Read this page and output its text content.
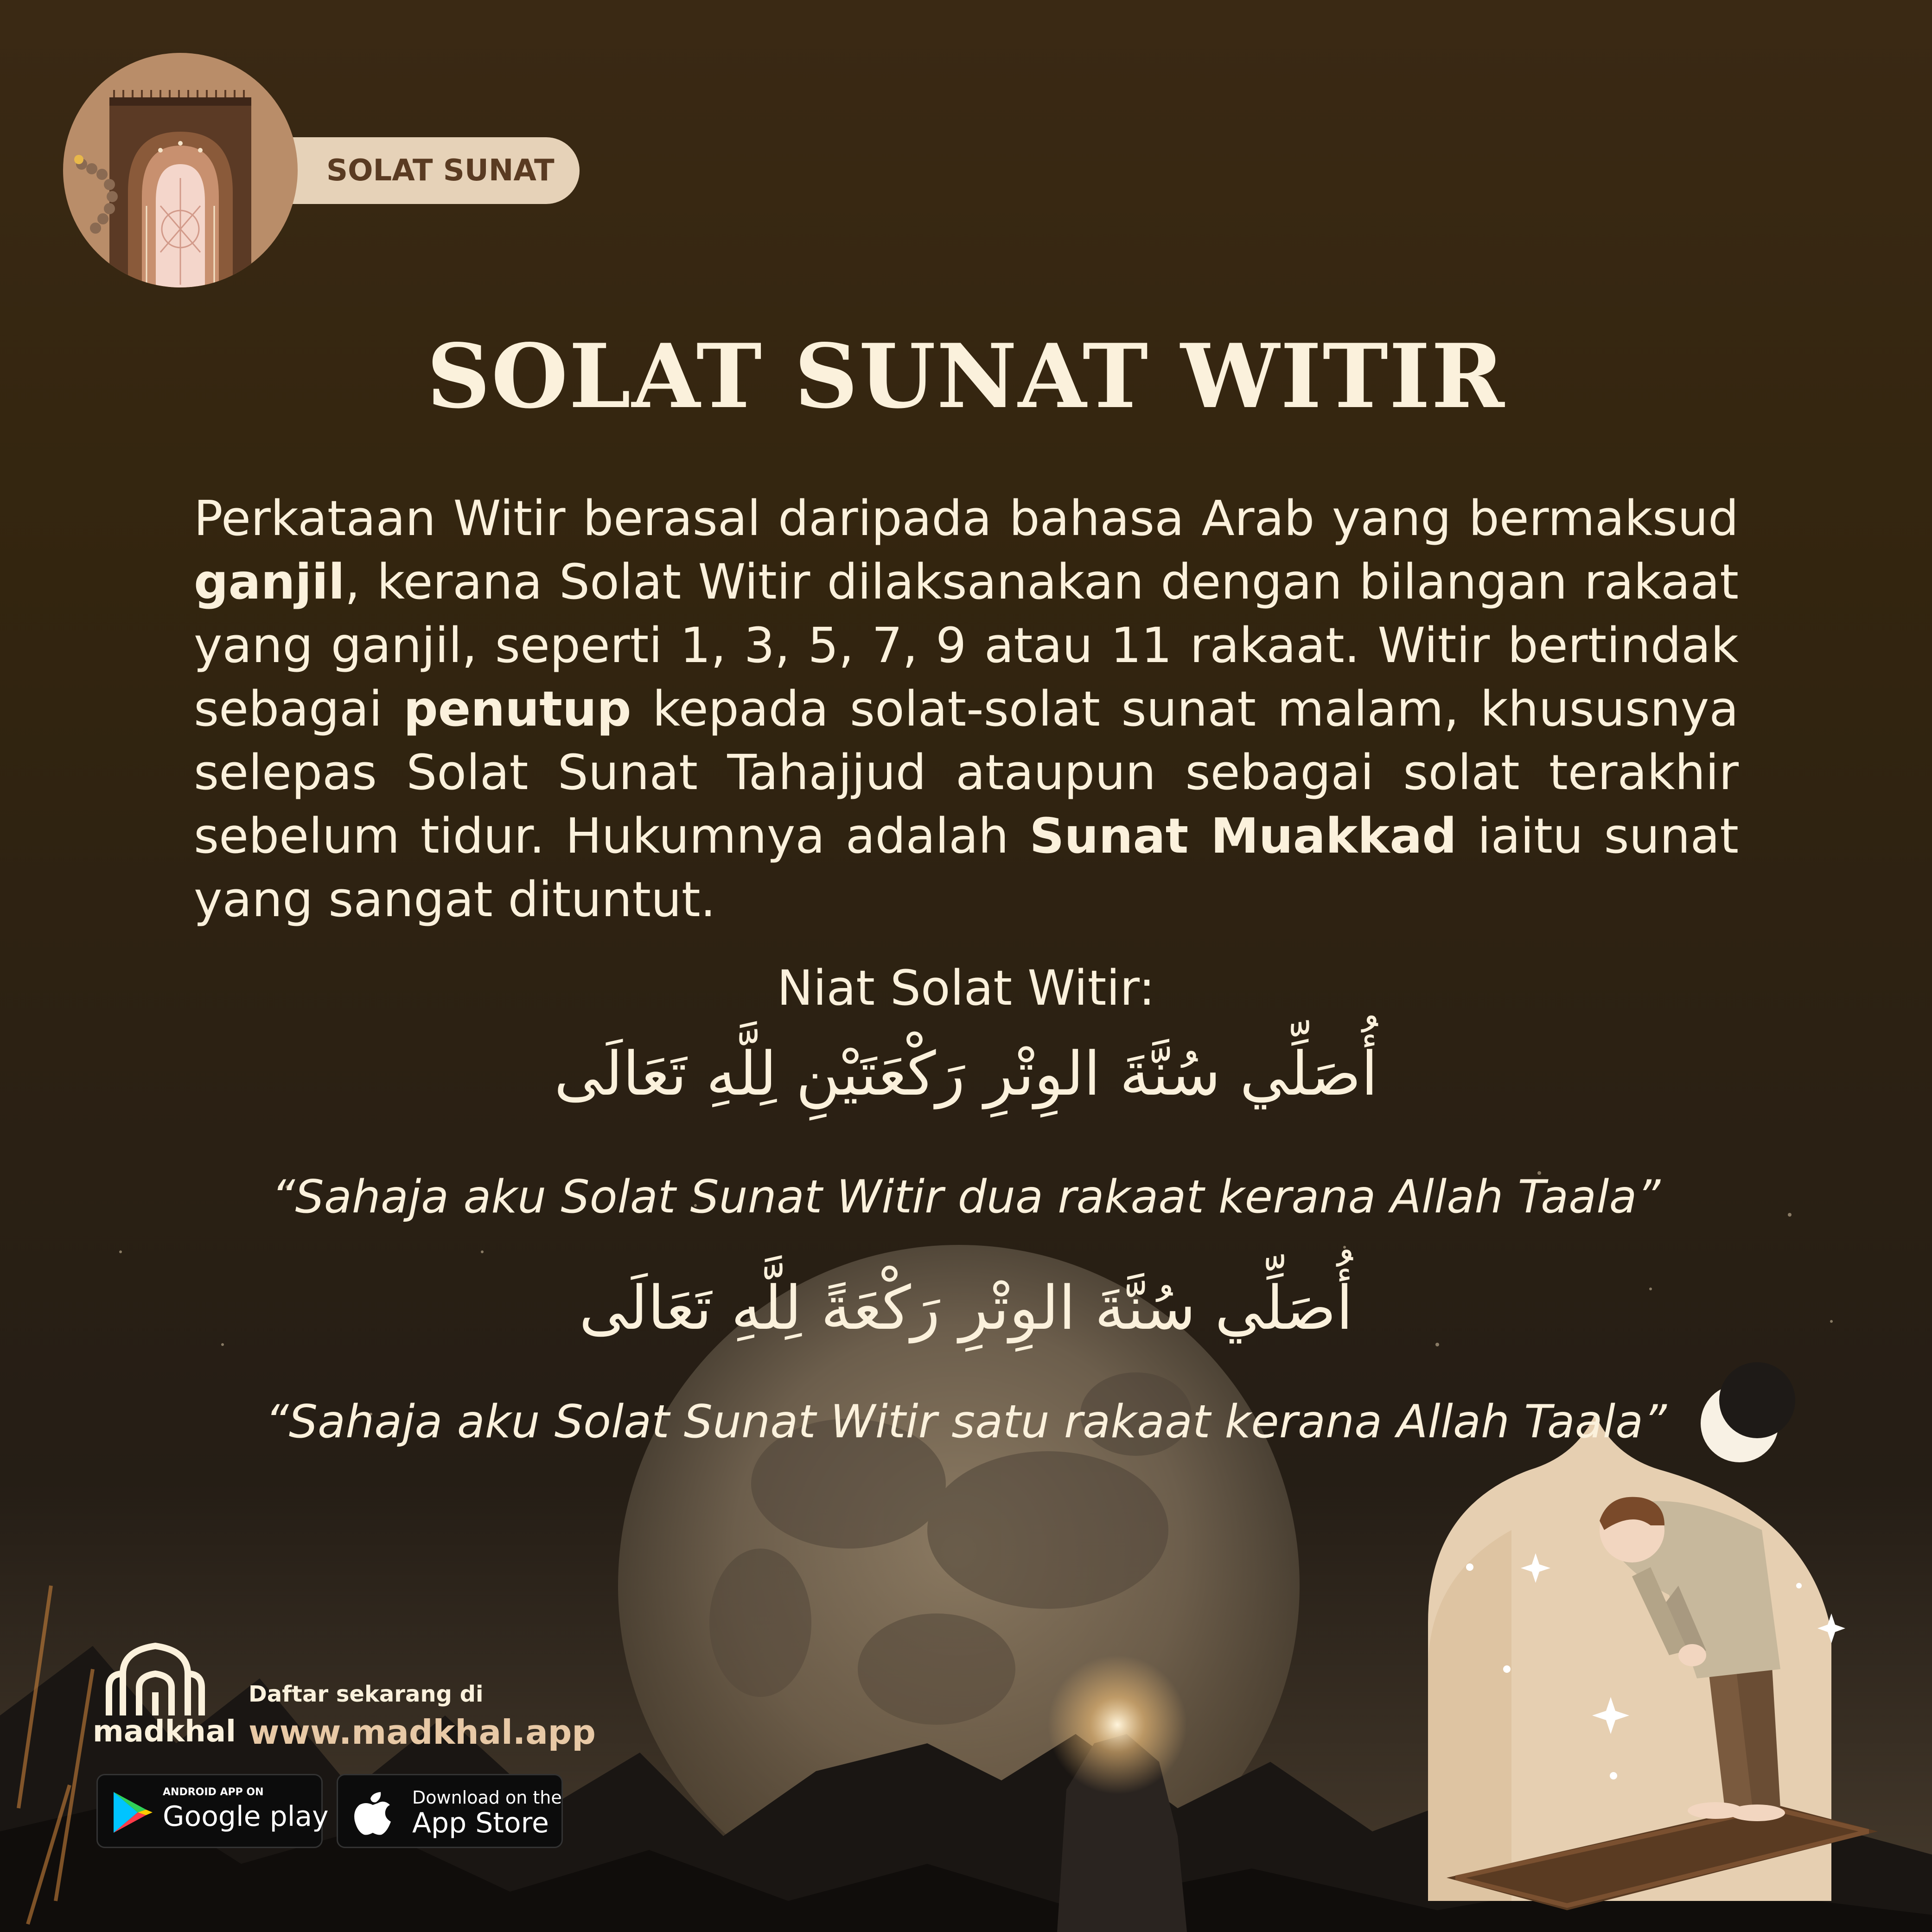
SOLAT SUNAT
SOLAT SUNAT WITIR
Perkataan Witir berasal daripada bahasa Arab yang bermaksud ganjil, kerana Solat Witir dilaksanakan dengan bilangan rakaat yang ganjil, seperti 1, 3, 5, 7, 9 atau 11 rakaat. Witir bertindak sebagai penutup kepada solat-solat sunat malam, khususnya selepas Solat Sunat Tahajjud ataupun sebagai solat terakhir sebelum tidur. Hukumnya adalah Sunat Muakkad iaitu sunat yang sangat dituntut.
Niat Solat Witir:
أُصَلِّي سُنَّةَ الوِتْرِ رَكْعَتَيْنِ لِلَّهِ تَعَالَى
“Sahaja aku Solat Sunat Witir dua rakaat kerana Allah Taala”
أُصَلِّي سُنَّةَ الوِتْرِ رَكْعَةً لِلَّهِ تَعَالَى
“Sahaja aku Solat Sunat Witir satu rakaat kerana Allah Taala”
madkhal
Daftar sekarang di
www.madkhal.app
ANDROID APP ON
Google play
Download on the
App Store
